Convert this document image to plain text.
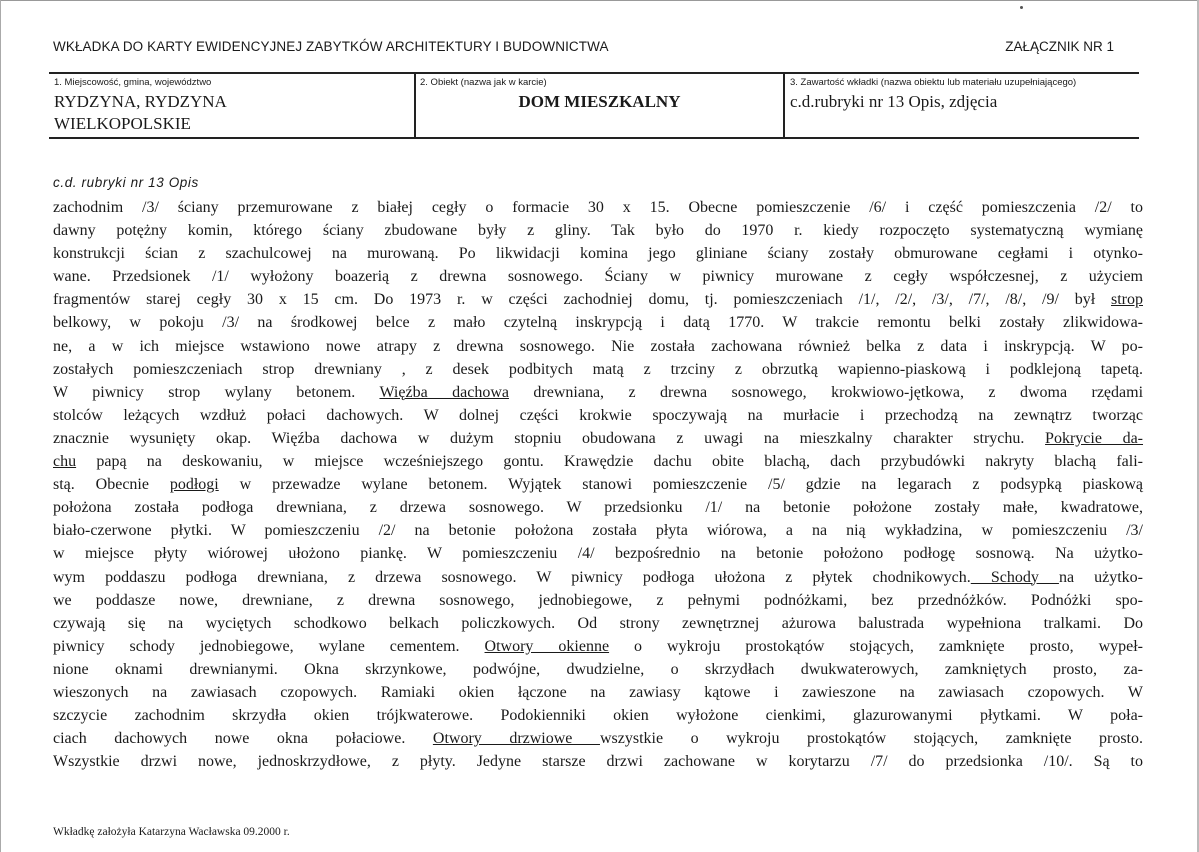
WKŁADKA DO KARTY EWIDENCYJNEJ ZABYTKÓW ARCHITEKTURY I BUDOWNICTWA	ZAŁĄCZNIK NR 1
1. Miejscowość, gmina, województwo
RYDZYNA, RYDZYNA
WIELKOPOLSKIE
2. Obiekt (nazwa jak w karcie)
DOM MIESZKALNY
3. Zawartość wkładki (nazwa obiektu lub materiału uzupełniającego)
c.d.rubryki nr 13 Opis, zdjęcia
c.d. rubryki nr 13 Opis
zachodnim /3/ ściany przemurowane z białej cegły o formacie 30 x 15. Obecne pomieszczenie /6/ i część pomieszczenia /2/ to
dawny potężny komin, którego ściany zbudowane były z gliny. Tak było do 1970 r. kiedy rozpoczęto systematyczną wymianę
konstrukcji ścian z szachulcowej na murowaną. Po likwidacji komina jego gliniane ściany zostały obmurowane cegłami i otynko-
wane. Przedsionek /1/ wyłożony boazerią z drewna sosnowego. Ściany w piwnicy murowane z cegły współczesnej, z użyciem
fragmentów starej cegły 30 x 15 cm. Do 1973 r. w części zachodniej domu, tj. pomieszczeniach /1/, /2/, /3/, /7/, /8/, /9/ był strop
belkowy, w pokoju /3/ na środkowej belce z mało czytelną inskrypcją i datą 1770. W trakcie remontu belki zostały zlikwidowa-
ne, a w ich miejsce wstawiono nowe atrapy z drewna sosnowego. Nie została zachowana również belka z data i inskrypcją. W po-
zostałych pomieszczeniach strop drewniany , z desek podbitych matą z trzciny z obrzutką wapienno-piaskową i podklejoną tapetą.
W piwnicy strop wylany betonem. Więźba dachowa drewniana, z drewna sosnowego, krokwiowo-jętkowa, z dwoma rzędami
stolców leżących wzdłuż połaci dachowych. W dolnej części krokwie spoczywają na murłacie i przechodzą na zewnątrz tworząc
znacznie wysunięty okap. Więźba dachowa w dużym stopniu obudowana z uwagi na mieszkalny charakter strychu. Pokrycie da-
chu papą na deskowaniu, w miejsce wcześniejszego gontu. Krawędzie dachu obite blachą, dach przybudówki nakryty blachą fali-
stą. Obecnie podłogi w przewadze wylane betonem. Wyjątek stanowi pomieszczenie /5/ gdzie na legarach z podsypką piaskową
położona została podłoga drewniana, z drzewa sosnowego. W przedsionku /1/ na betonie położone zostały małe, kwadratowe,
biało-czerwone płytki. W pomieszczeniu /2/ na betonie położona została płyta wiórowa, a na nią wykładzina, w pomieszczeniu /3/
w miejsce płyty wiórowej ułożono piankę. W pomieszczeniu /4/ bezpośrednio na betonie położono podłogę sosnową. Na użytko-
wym poddaszu podłoga drewniana, z drzewa sosnowego. W piwnicy podłoga ułożona z płytek chodnikowych. Schody na użytko-
we poddasze nowe, drewniane, z drewna sosnowego, jednobiegowe, z pełnymi podnóżkami, bez przednóżków. Podnóżki spo-
czywają się na wyciętych schodkowo belkach policzkowych. Od strony zewnętrznej ażurowa balustrada wypełniona tralkami. Do
piwnicy schody jednobiegowe, wylane cementem. Otwory okienne o wykroju prostokątów stojących, zamknięte prosto, wypeł-
nione oknami drewnianymi. Okna skrzynkowe, podwójne, dwudzielne, o skrzydłach dwukwaterowych, zamkniętych prosto, za-
wieszonych na zawiasach czopowych. Ramiaki okien łączone na zawiasy kątowe i zawieszone na zawiasach czopowych. W
szczycie zachodnim skrzydła okien trójkwaterowe. Podokienniki okien wyłożone cienkimi, glazurowanymi płytkami. W poła-
ciach dachowych nowe okna połaciowe. Otwory drzwiowe wszystkie o wykroju prostokątów stojących, zamknięte prosto.
Wszystkie drzwi nowe, jednoskrzydłowe, z płyty. Jedyne starsze drzwi zachowane w korytarzu /7/ do przedsionka /10/. Są to
Wkładkę założyła Katarzyna Wacławska 09.2000 r.
